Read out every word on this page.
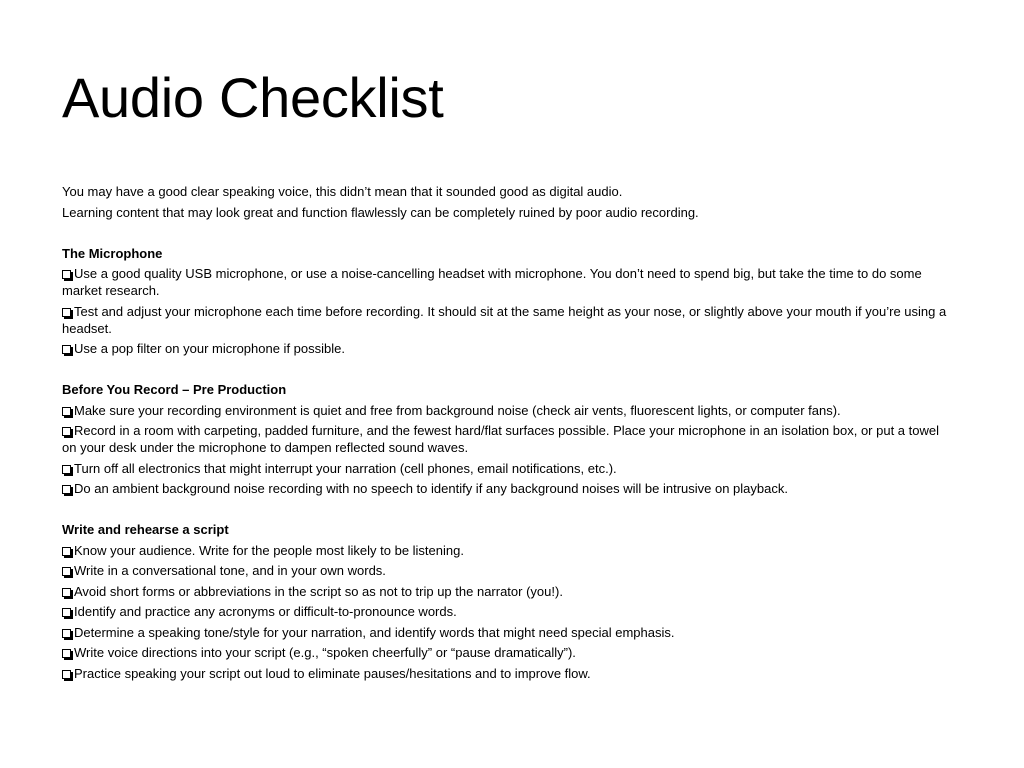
Audio Checklist
You may have a good clear speaking voice, this didn’t mean that it sounded good as digital audio.
Learning content that may look great and function flawlessly can be completely ruined by poor audio recording.
The Microphone
Use a good quality USB microphone, or use a noise-cancelling headset with microphone. You don’t need to spend big, but take the time to do some
market research.
Test and adjust your microphone each time before recording. It should sit at the same height as your nose, or slightly above your mouth if you’re using a
headset.
Use a pop filter on your microphone if possible.
Before You Record – Pre Production
Make sure your recording environment is quiet and free from background noise (check air vents, fluorescent lights, or computer fans).
Record in a room with carpeting, padded furniture, and the fewest hard/flat surfaces possible. Place your microphone in an isolation box, or put a towel
on your desk under the microphone to dampen reflected sound waves.
Turn off all electronics that might interrupt your narration (cell phones, email notifications, etc.).
Do an ambient background noise recording with no speech to identify if any background noises will be intrusive on playback.
Write and rehearse a script
Know your audience. Write for the people most likely to be listening.
Write in a conversational tone, and in your own words.
Avoid short forms or abbreviations in the script so as not to trip up the narrator (you!).
Identify and practice any acronyms or difficult-to-pronounce words.
Determine a speaking tone/style for your narration, and identify words that might need special emphasis.
Write voice directions into your script (e.g., “spoken cheerfully” or “pause dramatically”).
Practice speaking your script out loud to eliminate pauses/hesitations and to improve flow.
